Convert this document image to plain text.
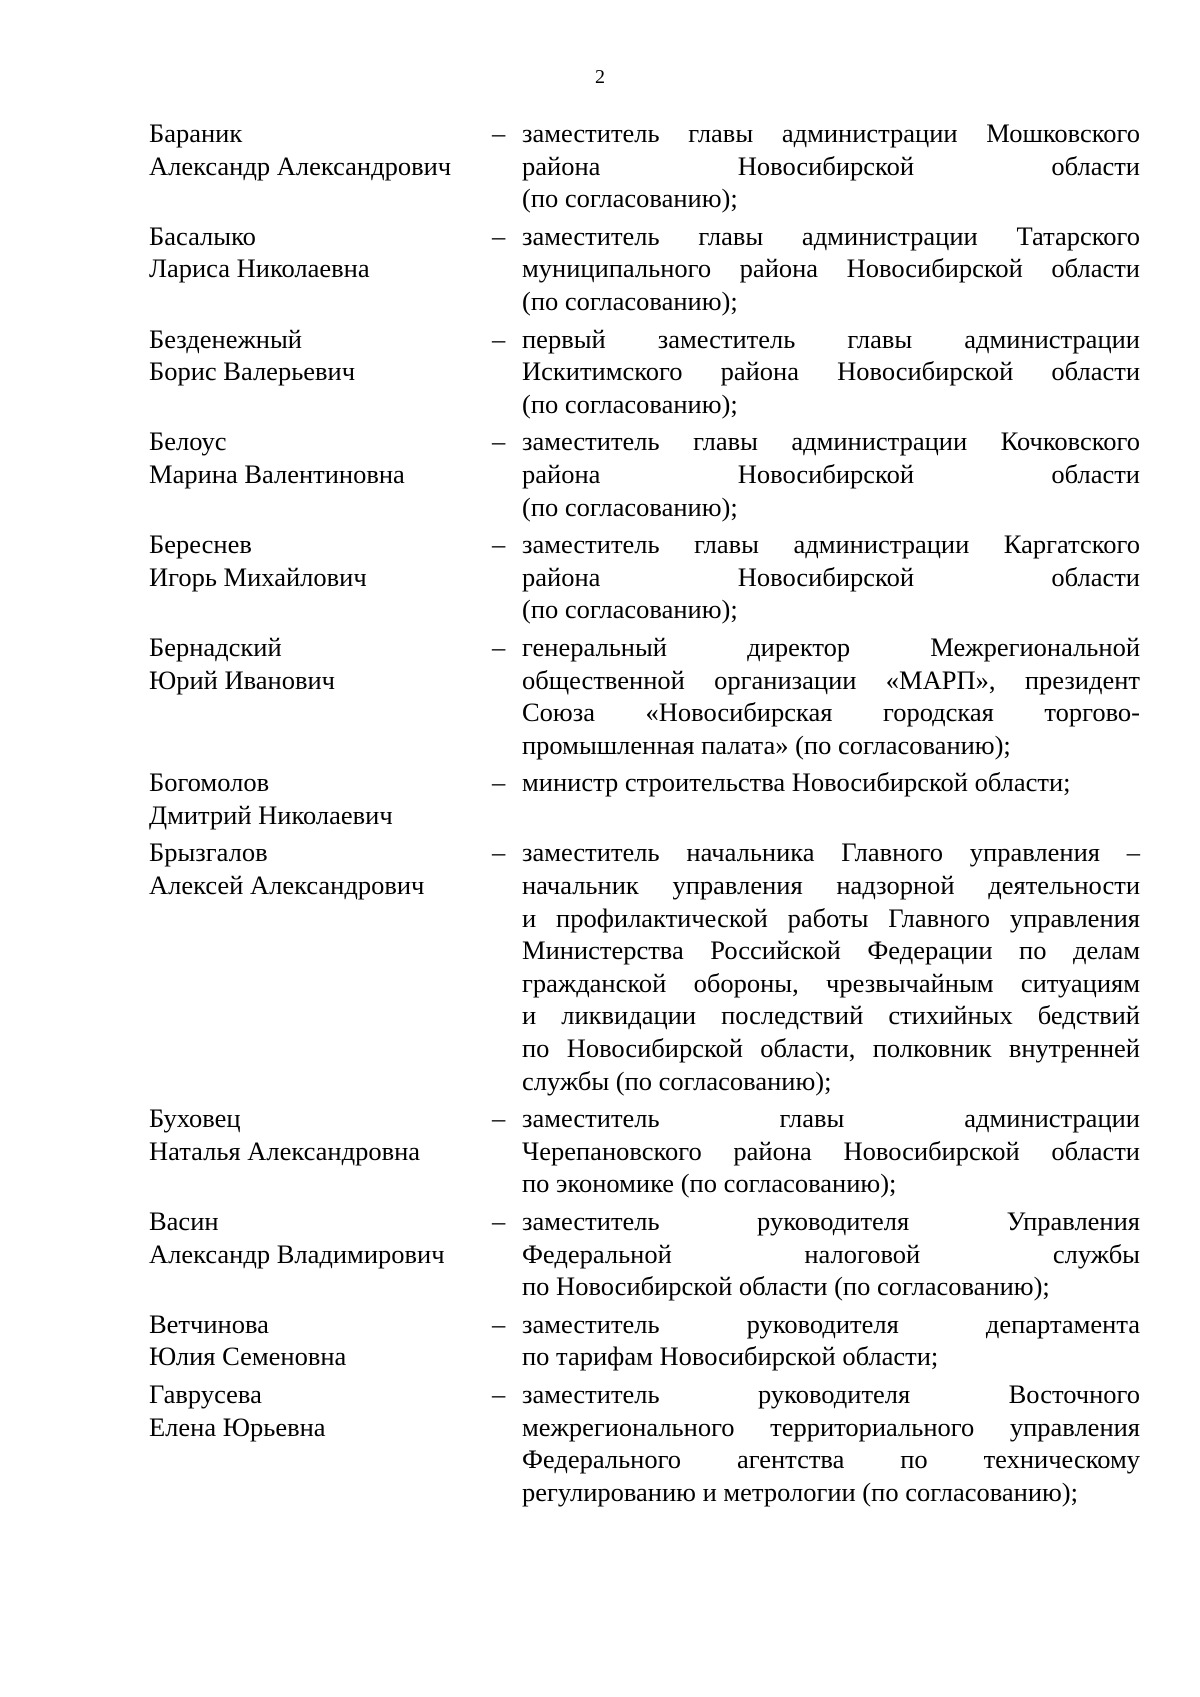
2
Бараник
Александр Александрович
– заместитель главы администрации Мошковского
района Новосибирской области
(по согласованию);
Басалыко
Лариса Николаевна
– заместитель главы администрации Татарского
муниципального района Новосибирской области
(по согласованию);
Безденежный
Борис Валерьевич
– первый заместитель главы администрации
Искитимского района Новосибирской области
(по согласованию);
Белоус
Марина Валентиновна
– заместитель главы администрации Кочковского
района Новосибирской области
(по согласованию);
Береснев
Игорь Михайлович
– заместитель главы администрации Каргатского
района Новосибирской области
(по согласованию);
Бернадский
Юрий Иванович
– генеральный директор Межрегиональной
общественной организации «МАРП», президент
Союза «Новосибирская городская торгово-
промышленная палата» (по согласованию);
Богомолов
Дмитрий Николаевич
– министр строительства Новосибирской области;
Брызгалов
Алексей Александрович
– заместитель начальника Главного управления –
начальник управления надзорной деятельности
и профилактической работы Главного управления
Министерства Российской Федерации по делам
гражданской обороны, чрезвычайным ситуациям
и ликвидации последствий стихийных бедствий
по Новосибирской области, полковник внутренней
службы (по согласованию);
Буховец
Наталья Александровна
– заместитель главы администрации
Черепановского района Новосибирской области
по экономике (по согласованию);
Васин
Александр Владимирович
– заместитель руководителя Управления
Федеральной налоговой службы
по Новосибирской области (по согласованию);
Ветчинова
Юлия Семеновна
– заместитель руководителя департамента
по тарифам Новосибирской области;
Гаврусева
Елена Юрьевна
– заместитель руководителя Восточного
межрегионального территориального управления
Федерального агентства по техническому
регулированию и метрологии (по согласованию);
